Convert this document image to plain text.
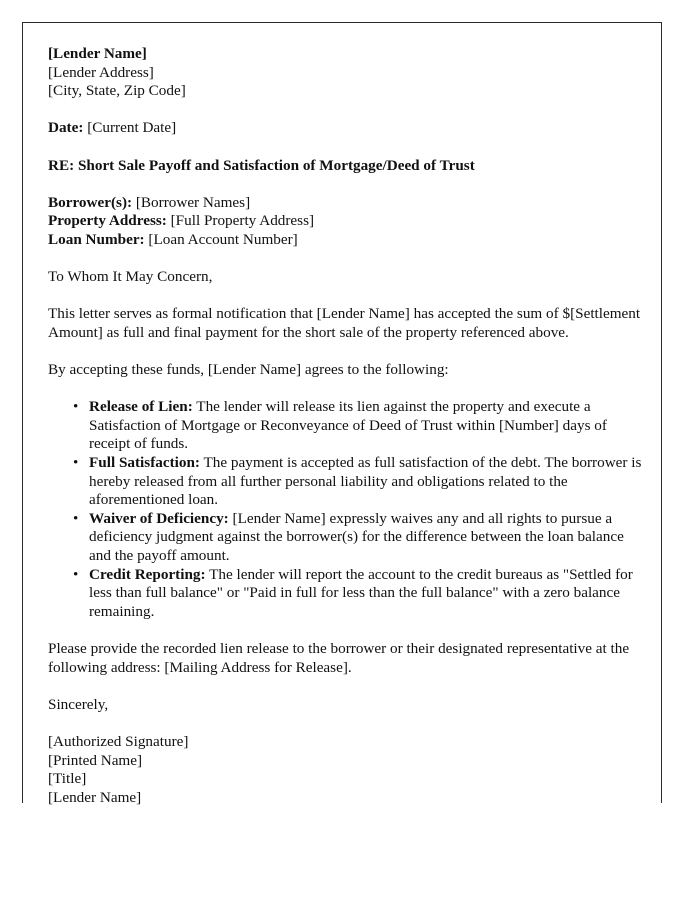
[Lender Name]
[Lender Address]
[City, State, Zip Code]
Date: [Current Date]
RE: Short Sale Payoff and Satisfaction of Mortgage/Deed of Trust
Borrower(s): [Borrower Names]
Property Address: [Full Property Address]
Loan Number: [Loan Account Number]
To Whom It May Concern,
This letter serves as formal notification that [Lender Name] has accepted the sum of $[Settlement Amount] as full and final payment for the short sale of the property referenced above.
By accepting these funds, [Lender Name] agrees to the following:
• Release of Lien: The lender will release its lien against the property and execute a Satisfaction of Mortgage or Reconveyance of Deed of Trust within [Number] days of receipt of funds.
• Full Satisfaction: The payment is accepted as full satisfaction of the debt. The borrower is hereby released from all further personal liability and obligations related to the aforementioned loan.
• Waiver of Deficiency: [Lender Name] expressly waives any and all rights to pursue a deficiency judgment against the borrower(s) for the difference between the loan balance and the payoff amount.
• Credit Reporting: The lender will report the account to the credit bureaus as "Settled for less than full balance" or "Paid in full for less than the full balance" with a zero balance remaining.
Please provide the recorded lien release to the borrower or their designated representative at the following address: [Mailing Address for Release].
Sincerely,
[Authorized Signature]
[Printed Name]
[Title]
[Lender Name]
